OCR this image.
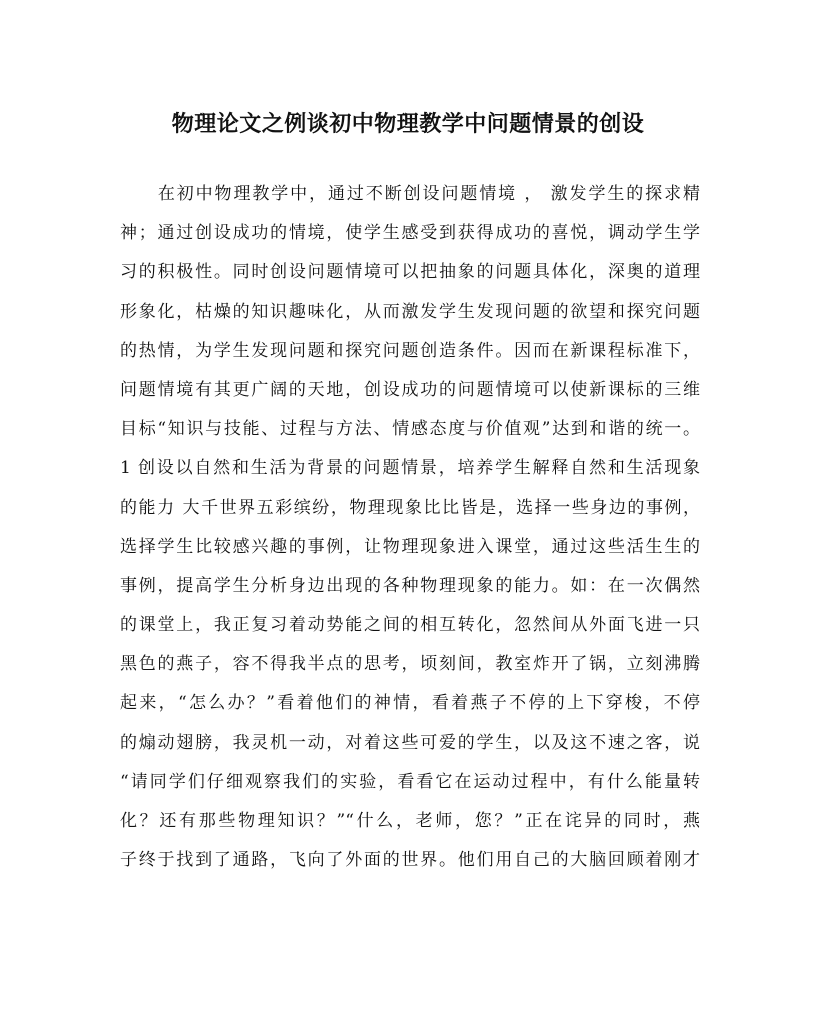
物理论文之例谈初中物理教学中问题情景的创设
　　在初中物理教学中，通过不断创设问题情境 ， 激发学生的探求精
神；通过创设成功的情境，使学生感受到获得成功的喜悦，调动学生学
习的积极性。同时创设问题情境可以把抽象的问题具体化，深奥的道理
形象化，枯燥的知识趣味化，从而激发学生发现问题的欲望和探究问题
的热情，为学生发现问题和探究问题创造条件。因而在新课程标准下，
问题情境有其更广阔的天地，创设成功的问题情境可以使新课标的三维
目标“知识与技能、过程与方法、情感态度与价值观”达到和谐的统一。
1 创设以自然和生活为背景的问题情景，培养学生解释自然和生活现象
的能力 大千世界五彩缤纷，物理现象比比皆是，选择一些身边的事例，
选择学生比较感兴趣的事例，让物理现象进入课堂，通过这些活生生的
事例，提高学生分析身边出现的各种物理现象的能力。如：在一次偶然
的课堂上，我正复习着动势能之间的相互转化，忽然间从外面飞进一只
黑色的燕子，容不得我半点的思考，顷刻间，教室炸开了锅，立刻沸腾
起来，“怎么办？”看着他们的神情，看着燕子不停的上下穿梭，不停
的煽动翅膀，我灵机一动，对着这些可爱的学生，以及这不速之客，说
“请同学们仔细观察我们的实验，看看它在运动过程中，有什么能量转
化？还有那些物理知识？”“什么，老师，您？”正在诧异的同时，燕
子终于找到了通路，飞向了外面的世界。他们用自己的大脑回顾着刚才
